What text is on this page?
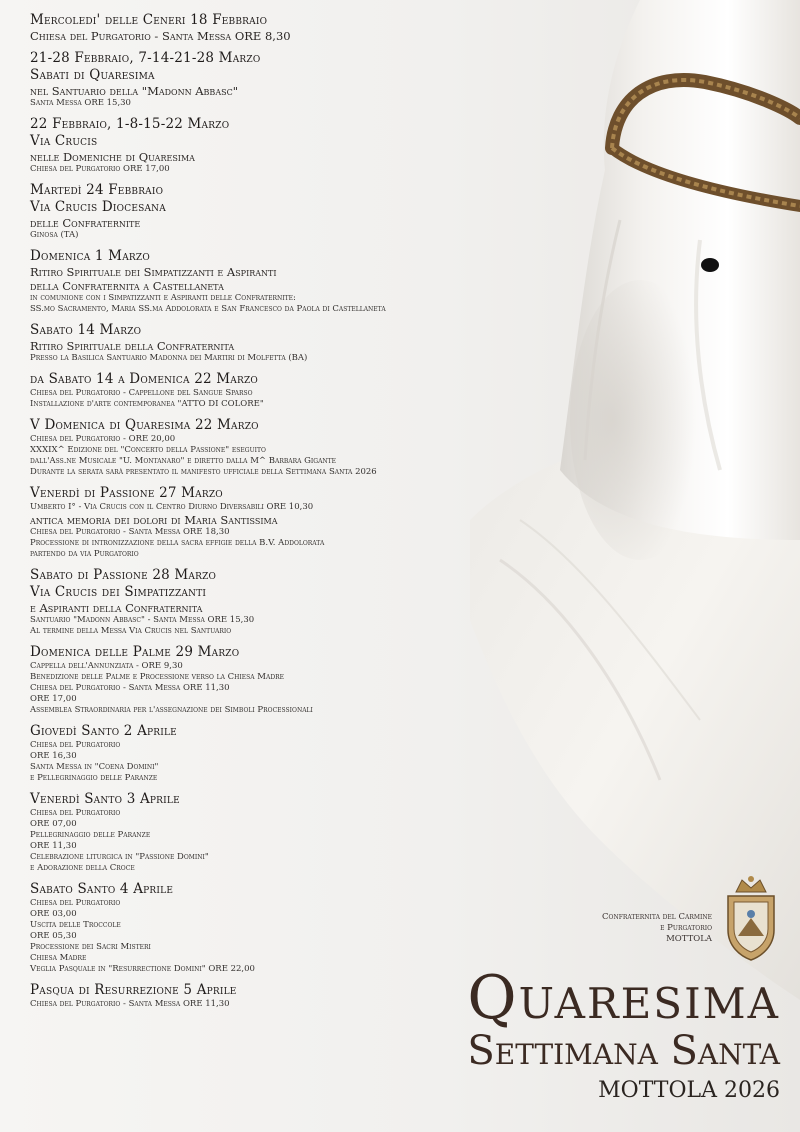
Mercoledi' delle Ceneri 18 Febbraio
Chiesa del Purgatorio - Santa Messa ORE 8,30
21-28 Febbraio, 7-14-21-28 Marzo
Sabati di Quaresima
nel Santuario della "Madonn Abbasc"
Santa Messa ORE 15,30
22 Febbraio, 1-8-15-22 Marzo
Via Crucis
nelle Domeniche di Quaresima
Chiesa del Purgatorio ORE 17,00
Martedì 24 Febbraio
Via Crucis Diocesana
delle Confraternite
Ginosa (TA)
Domenica 1 Marzo
Ritiro Spirituale dei Simpatizzanti e Aspiranti
della Confraternita a Castellaneta
in comunione con i Simpatizzanti e Aspiranti delle Confraternite:
SS.mo Sacramento, Maria SS.ma Addolorata e San Francesco da Paola di Castellaneta
Sabato 14 Marzo
Ritiro Spirituale della Confraternita
Presso la Basilica Santuario Madonna dei Martiri di Molfetta (BA)
da Sabato 14 a Domenica 22 Marzo
Chiesa del Purgatorio - Cappellone del Sangue Sparso
Installazione d'arte contemporanea "ATTO DI COLORE"
V Domenica di Quaresima 22 Marzo
Chiesa del Purgatorio - ORE 20,00
XXXIX^ Edizione del "Concerto della Passione" eseguito
dall'Ass.ne Musicale "U. Montanaro" e diretto dalla M^ Barbara Gigante
Durante la serata sarà presentato il manifesto ufficiale della Settimana Santa 2026
Venerdì di Passione 27 Marzo
Umberto I° - Via Crucis con il Centro Diurno Diversabili ORE 10,30
antica memoria dei dolori di Maria Santissima
Chiesa del Purgatorio - Santa Messa ORE 18,30
Processione di intronizzazione della sacra effigie della B.V. Addolorata
partendo da via Purgatorio
Sabato di Passione 28 Marzo
Via Crucis dei Simpatizzanti
e Aspiranti della Confraternita
Santuario "Madonn Abbasc" - Santa Messa ORE 15,30
Al termine della Messa Via Crucis nel Santuario
Domenica delle Palme 29 Marzo
Cappella dell'Annunziata - ORE 9,30
Benedizione delle Palme e Processione verso la Chiesa Madre
Chiesa del Purgatorio - Santa Messa ORE 11,30
ORE 17,00
Assemblea Straordinaria per l'assegnazione dei Simboli Processionali
Giovedì Santo 2 Aprile
Chiesa del Purgatorio
ORE 16,30
Santa Messa in "Coena Domini"
e Pellegrinaggio delle Paranze
Venerdì Santo 3 Aprile
Chiesa del Purgatorio
ORE 07,00
Pellegrinaggio delle Paranze
ORE 11,30
Celebrazione liturgica in "Passione Domini"
e Adorazione della Croce
Sabato Santo 4 Aprile
Chiesa del Purgatorio
ORE 03,00
Uscita delle Troccole
ORE 05,30
Processione dei Sacri Misteri
Chiesa Madre
Veglia Pasquale in "Resurrectione Domini" ORE 22,00
Pasqua di Resurrezione 5 Aprile
Chiesa del Purgatorio - Santa Messa ORE 11,30
Confraternita del Carmine
e Purgatorio
MOTTOLA
Quaresima
Settimana Santa
MOTTOLA 2026
